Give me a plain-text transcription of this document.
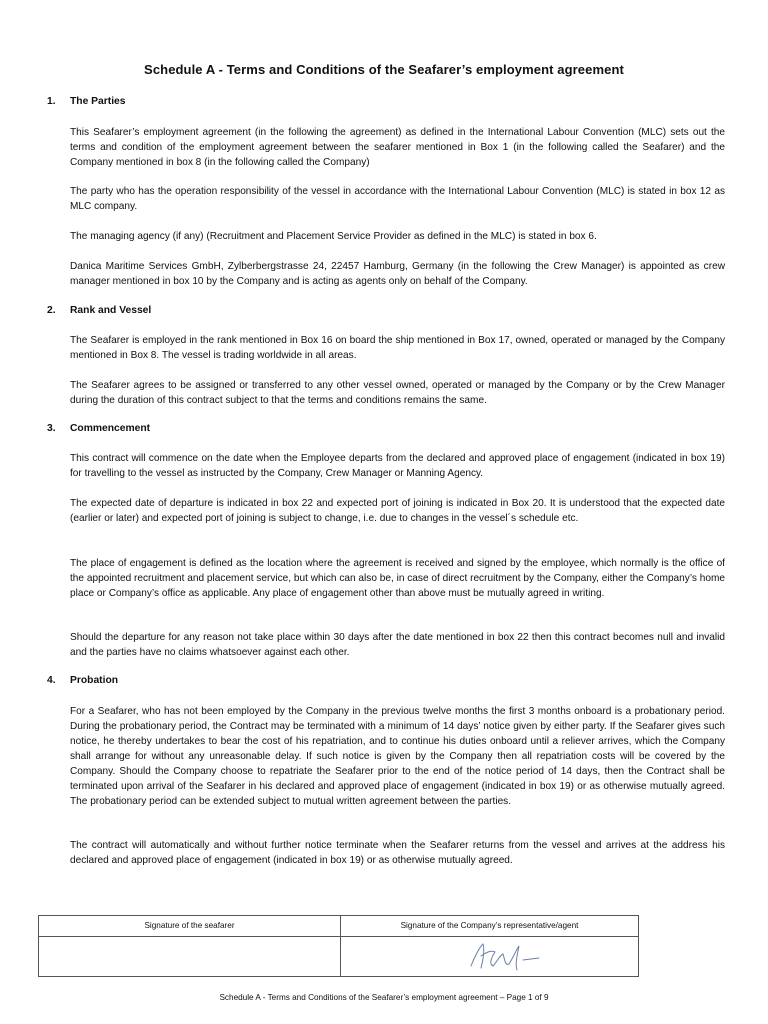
Schedule A - Terms and Conditions of the Seafarer’s employment agreement
1. The Parties
This Seafarer’s employment agreement (in the following the agreement) as defined in the International Labour Convention (MLC) sets out the terms and condition of the employment agreement between the seafarer mentioned in Box 1 (in the following called the Seafarer) and the Company mentioned in box 8 (in the following called the Company)
The party who has the operation responsibility of the vessel in accordance with the International Labour Convention (MLC) is stated in box 12 as MLC company.
The managing agency (if any) (Recruitment and Placement Service Provider as defined in the MLC) is stated in box 6.
Danica Maritime Services GmbH, Zylberbergstrasse 24, 22457 Hamburg, Germany (in the following the Crew Manager) is appointed as crew manager mentioned in box 10 by the Company and is acting as agents only on behalf of the Company.
2. Rank and Vessel
The Seafarer is employed in the rank mentioned in Box 16 on board the ship mentioned in Box 17, owned, operated or managed by the Company mentioned in Box 8. The vessel is trading worldwide in all areas.
The Seafarer agrees to be assigned or transferred to any other vessel owned, operated or managed by the Company or by the Crew Manager during the duration of this contract subject to that the terms and conditions remains the same.
3. Commencement
This contract will commence on the date when the Employee departs from the declared and approved place of engagement (indicated in box 19) for travelling to the vessel as instructed by the Company, Crew Manager or Manning Agency.
The expected date of departure is indicated in box 22 and expected port of joining is indicated in Box 20. It is understood that the expected date (earlier or later) and expected port of joining is subject to change, i.e. due to changes in the vessel´s schedule etc.
The place of engagement is defined as the location where the agreement is received and signed by the employee, which normally is the office of the appointed recruitment and placement service, but which can also be, in case of direct recruitment by the Company, either the Company’s home place or Company’s office as applicable. Any place of engagement other than above must be mutually agreed in writing.
Should the departure for any reason not take place within 30 days after the date mentioned in box 22 then this contract becomes null and invalid and the parties have no claims whatsoever against each other.
4. Probation
For a Seafarer, who has not been employed by the Company in the previous twelve months the first 3 months onboard is a probationary period. During the probationary period, the Contract may be terminated with a minimum of 14 days’ notice given by either party. If the Seafarer gives such notice, he thereby undertakes to bear the cost of his repatriation, and to continue his duties onboard until a reliever arrives, which the Company shall arrange for without any unreasonable delay. If such notice is given by the Company then all repatriation costs will be covered by the Company. Should the Company choose to repatriate the Seafarer prior to the end of the notice period of 14 days, then the Contract shall be terminated upon arrival of the Seafarer in his declared and approved place of engagement (indicated in box 19) or as otherwise mutually agreed. The probationary period can be extended subject to mutual written agreement between the parties.
The contract will automatically and without further notice terminate when the Seafarer returns from the vessel and arrives at the address his declared and approved place of engagement (indicated in box 19) or as otherwise mutually agreed.
Signature of the seafarer	Signature of the Company’s representative/agent
Schedule A - Terms and Conditions of the Seafarer’s employment agreement – Page 1 of 9
